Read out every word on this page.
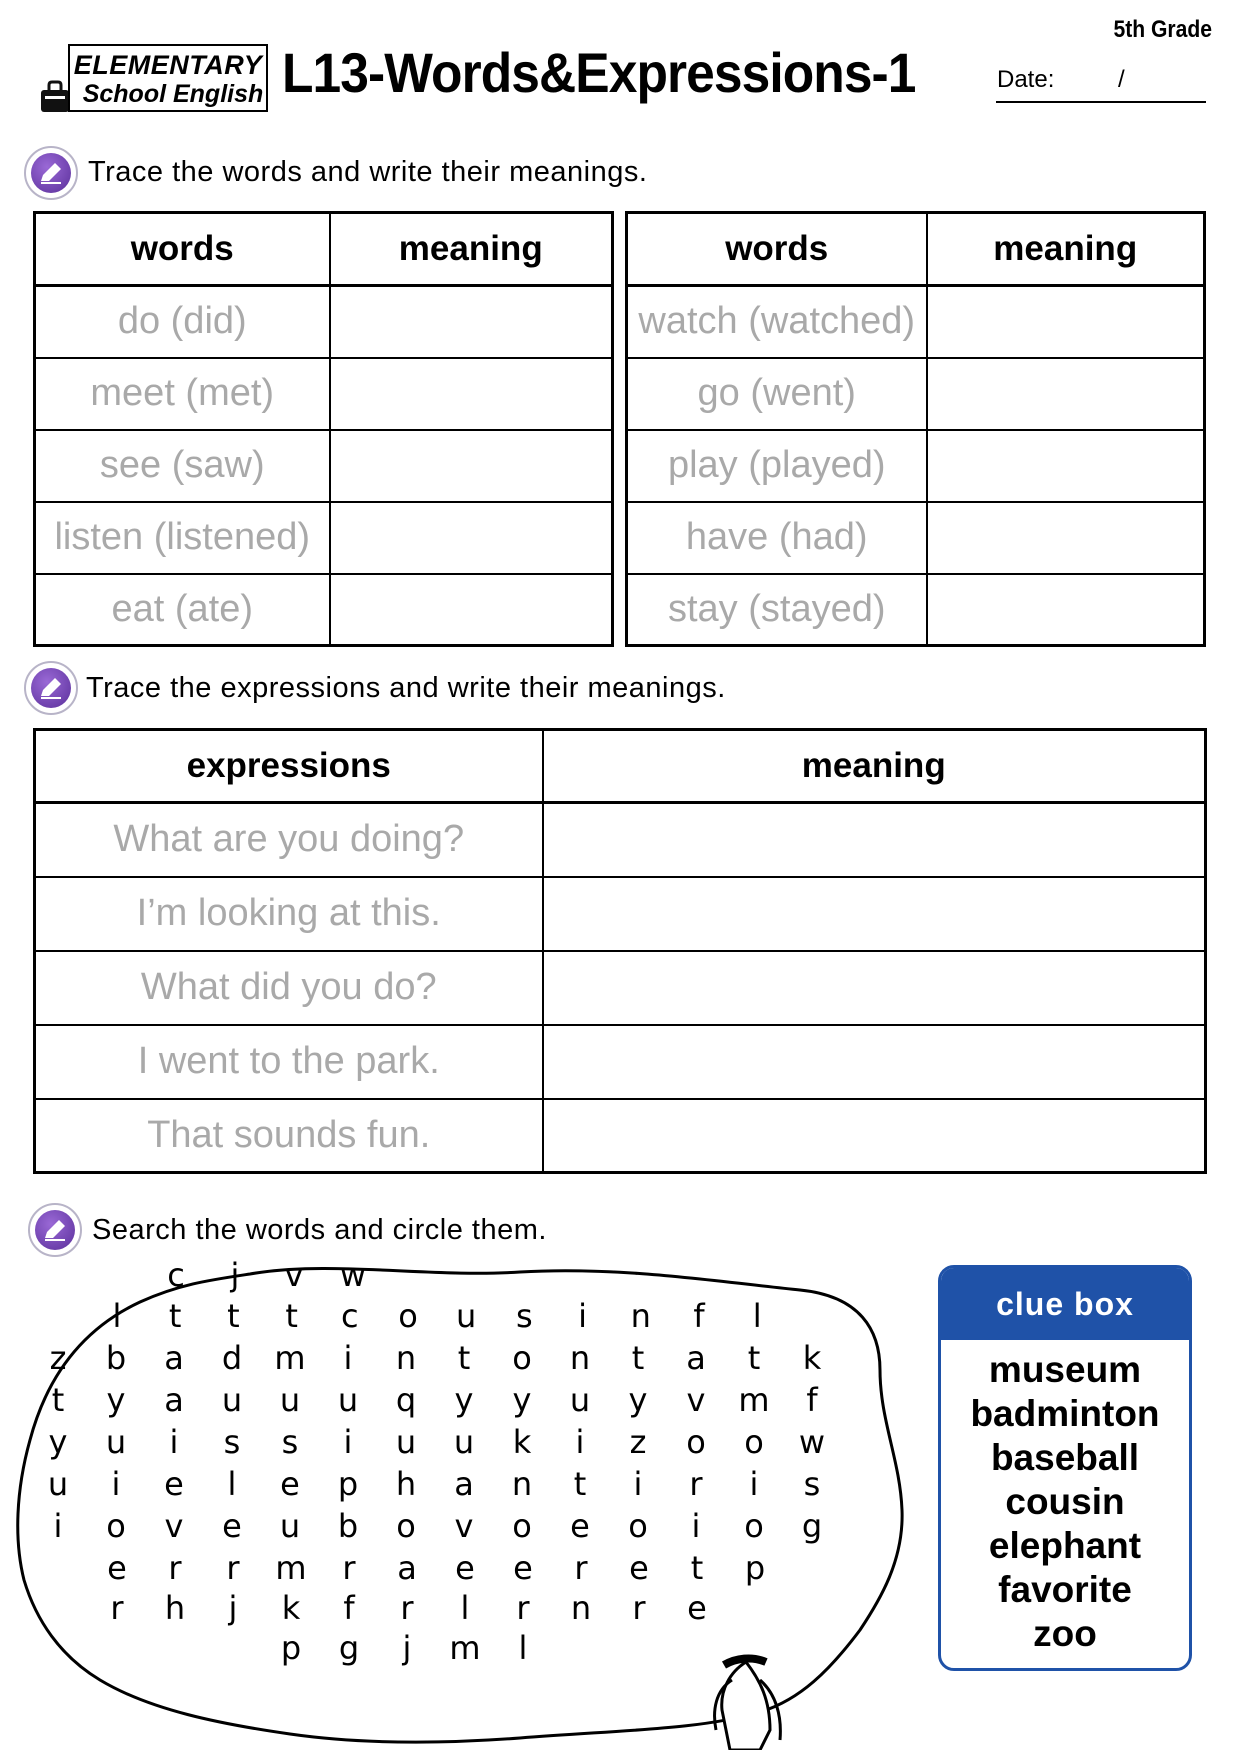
ELEMENTARY
School English L13-Words&Expressions-1
5th Grade
Date:	/
Trace the words and write their meanings.
words	meaning
do (did)	
meet (met)	
see (saw)	
listen (listened)	
eat (ate)	
words	meaning
watch (watched)	
go (went)	
play (played)	
have (had)	
stay (stayed)	
Trace the expressions and write their meanings.
expressions	meaning
What are you doing?	
I’m looking at this.	
What did you do?	
I went to the park.	
That sounds fun.	
Search the words and circle them.
c	j	v	w
l	t	t	t	c	o	u	s	i	n	f	l
z	b	a	d	m	i	n	t	o	n	t	a	t	k
t	y	a	u	u	u	q	y	y	u	y	v	m	f
y	u	i	s	s	i	u	u	k	i	z	o	o	w
u	i	e	l	e	p	h	a	n	t	i	r	i	s
i	o	v	e	u	b	o	v	o	e	o	i	o	g
e	r	r	m	r	a	e	e	r	e	t	p
r	h	j	k	f	r	l	r	n	r	e
p	g	j	m	l
clue box
museum
badminton
baseball
cousin
elephant
favorite
zoo
